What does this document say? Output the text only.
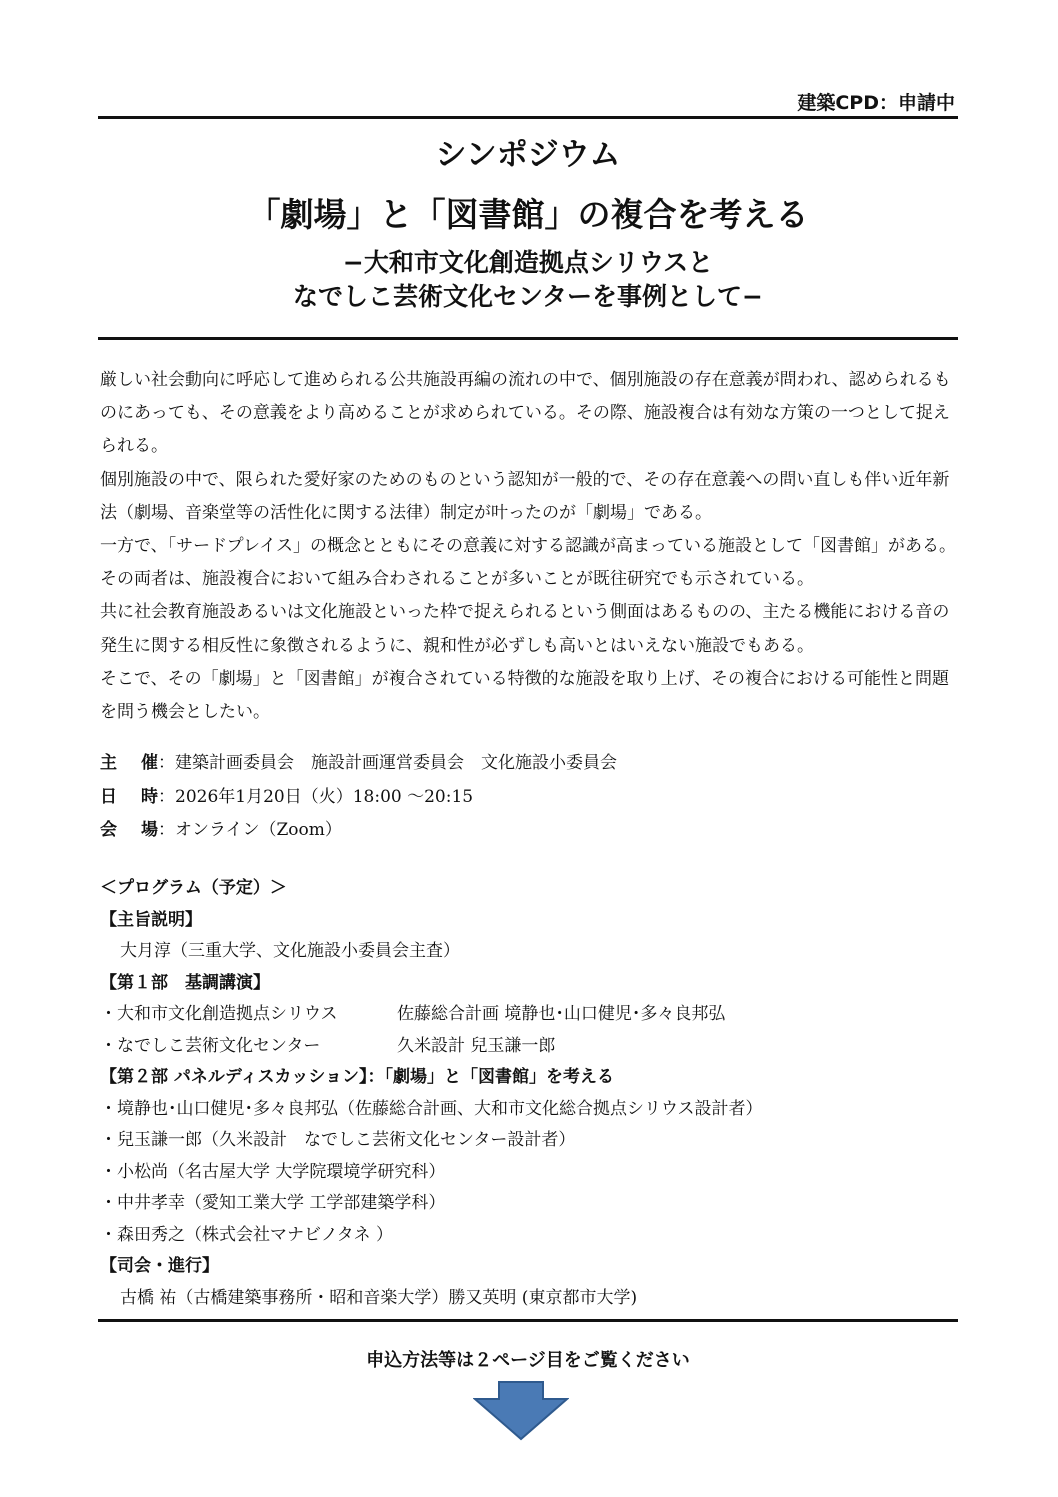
建築CPD：申請中
シンポジウム
「劇場」と「図書館」の複合を考える
−大和市文化創造拠点シリウスと
なでしこ芸術文化センターを事例として−

厳しい社会動向に呼応して進められる公共施設再編の流れの中で、個別施設の存在意義が問われ、認められるものにあっても、その意義をより高めることが求められている。その際、施設複合は有効な方策の一つとして捉えられる。

個別施設の中で、限られた愛好家のためのものという認知が一般的で、その存在意義への問い直しも伴い近年新法（劇場、音楽堂等の活性化に関する法律）制定が叶ったのが「劇場」である。

一方で、「サードプレイス」の概念とともにその意義に対する認識が高まっている施設として「図書館」がある。その両者は、施設複合において組み合わされることが多いことが既往研究でも示されている。

共に社会教育施設あるいは文化施設といった枠で捉えられるという側面はあるものの、主たる機能における音の発生に関する相反性に象徴されるように、親和性が必ずしも高いとはいえない施設でもある。

そこで、その「劇場」と「図書館」が複合されている特徴的な施設を取り上げ、その複合における可能性と問題を問う機会としたい。

主 催 ：建築計画委員会　施設計画運営委員会　文化施設小委員会
日 時 ：2026年1月20日（火）18:00 〜20:15
会 場 ：オンライン（Zoom）
＜プログラム（予定）＞
【主旨説明】
大月淳（三重大学、文化施設小委員会主査）
【第１部　基調講演】
・大和市文化創造拠点シリウス	佐藤総合計画 境静也･山口健児･多々良邦弘
・なでしこ芸術文化センター	久米設計 兒玉謙一郎
【第２部 パネルディスカッション】：「劇場」と「図書館」を考える
・境静也･山口健児･多々良邦弘（佐藤総合計画、大和市文化総合拠点シリウス設計者）
・兒玉謙一郎（久米設計　なでしこ芸術文化センター設計者）
・小松尚（名古屋大学 大学院環境学研究科）
・中井孝幸（愛知工業大学 工学部建築学科）
・森田秀之（株式会社マナビノタネ ）
【司会・進行】
古橋 祐（古橋建築事務所・昭和音楽大学）勝又英明 (東京都市大学)
申込方法等は２ページ目をご覧ください
